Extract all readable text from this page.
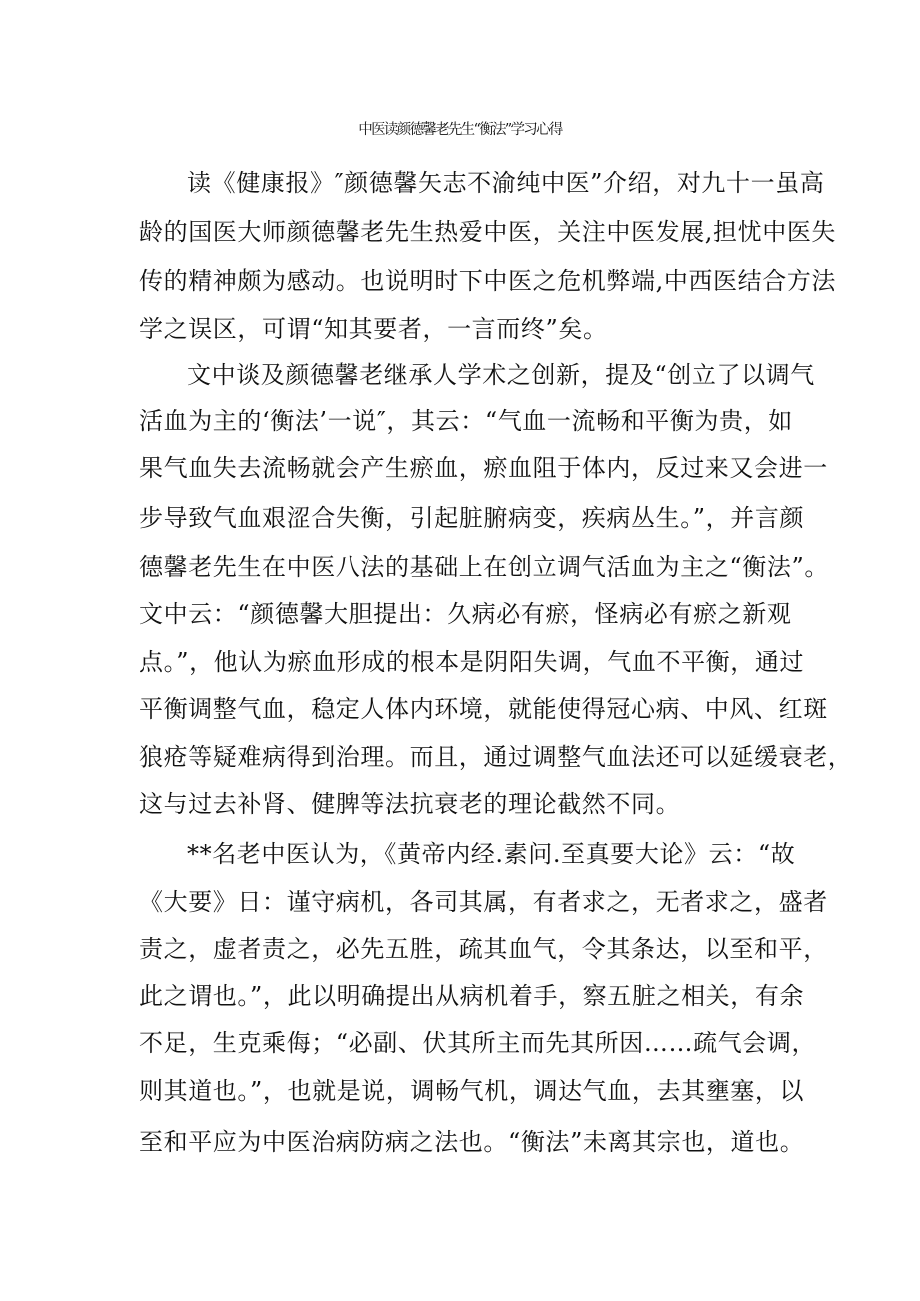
中医读颜德馨老先生“衡法”学习心得
读《健康报》″颜德馨矢志不渝纯中医”介绍，对九十一虽高
龄的国医大师颜德馨老先生热爱中医，关注中医发展,担忧中医失
传的精神颇为感动。也说明时下中医之危机弊端,中西医结合方法
学之误区，可谓“知其要者，一言而终”矣。
文中谈及颜德馨老继承人学术之创新，提及“创立了以调气
活血为主的‘衡法’一说″，其云：“气血一流畅和平衡为贵，如
果气血失去流畅就会产生瘀血，瘀血阻于体内，反过来又会进一
步导致气血艰涩合失衡，引起脏腑病变，疾病丛生。”，并言颜
德馨老先生在中医八法的基础上在创立调气活血为主之“衡法”。
文中云：“颜德馨大胆提出：久病必有瘀，怪病必有瘀之新观
点。”，他认为瘀血形成的根本是阴阳失调，气血不平衡，通过
平衡调整气血，稳定人体内环境，就能使得冠心病、中风、红斑
狼疮等疑难病得到治理。而且，通过调整气血法还可以延缓衰老，
这与过去补肾、健脾等法抗衰老的理论截然不同。
**名老中医认为，《黄帝内经.素问.至真要大论》云：“故
《大要》日：谨守病机，各司其属，有者求之，无者求之，盛者
责之，虚者责之，必先五胜，疏其血气，令其条达，以至和平，
此之谓也。”，此以明确提出从病机着手，察五脏之相关，有余
不足，生克乘侮；“必副、伏其所主而先其所因……疏气会调，
则其道也。”，也就是说，调畅气机，调达气血，去其壅塞，以
至和平应为中医治病防病之法也。“衡法”未离其宗也，道也。
